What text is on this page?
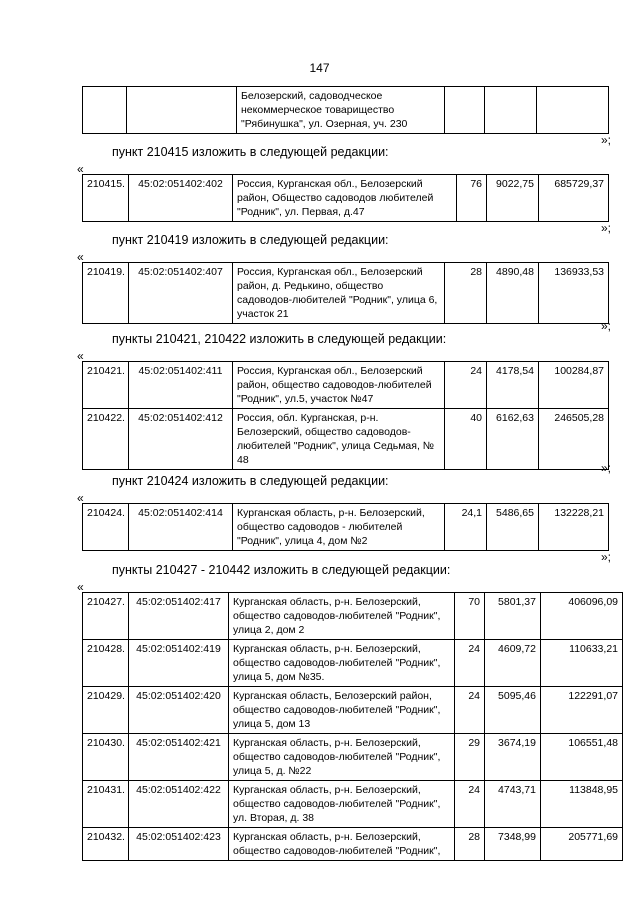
147
		Белозерский, садоводческое некоммерческое товарищество "Рябинушка", ул. Озерная, уч. 230			
»;
пункт 210415 изложить в следующей редакции:
«
210415.	45:02:051402:402	Россия, Курганская обл., Белозерский район, Общество садоводов любителей "Родник", ул. Первая, д.47	76	9022,75	685729,37
»;
пункт 210419 изложить в следующей редакции:
«
210419.	45:02:051402:407	Россия, Курганская обл., Белозерский район, д. Редькино, общество садоводов-любителей "Родник", улица 6, участок 21	28	4890,48	136933,53
»;
пункты 210421, 210422 изложить в следующей редакции:
«
210421.	45:02:051402:411	Россия, Курганская обл., Белозерский район, общество садоводов-любителей "Родник", ул.5, участок №47	24	4178,54	100284,87
210422.	45:02:051402:412	Россия, обл. Курганская, р-н. Белозерский, общество садоводов-любителей "Родник", улица Седьмая, № 48	40	6162,63	246505,28
»;
пункт 210424 изложить в следующей редакции:
«
210424.	45:02:051402:414	Курганская область, р-н. Белозерский, общество садоводов - любителей "Родник", улица 4, дом №2	24,1	5486,65	132228,21
»;
пункты 210427 - 210442 изложить в следующей редакции:
«
210427.	45:02:051402:417	Курганская область, р-н. Белозерский, общество садоводов-любителей "Родник", улица 2, дом 2	70	5801,37	406096,09
210428.	45:02:051402:419	Курганская область, р-н. Белозерский, общество садоводов-любителей "Родник", улица 5, дом №35.	24	4609,72	110633,21
210429.	45:02:051402:420	Курганская область, Белозерский район, общество садоводов-любителей "Родник", улица 5, дом 13	24	5095,46	122291,07
210430.	45:02:051402:421	Курганская область, р-н. Белозерский, общество садоводов-любителей "Родник", улица 5, д. №22	29	3674,19	106551,48
210431.	45:02:051402:422	Курганская область, р-н. Белозерский, общество садоводов-любителей "Родник", ул. Вторая, д. 38	24	4743,71	113848,95
210432.	45:02:051402:423	Курганская область, р-н. Белозерский, общество садоводов-любителей "Родник",	28	7348,99	205771,69
